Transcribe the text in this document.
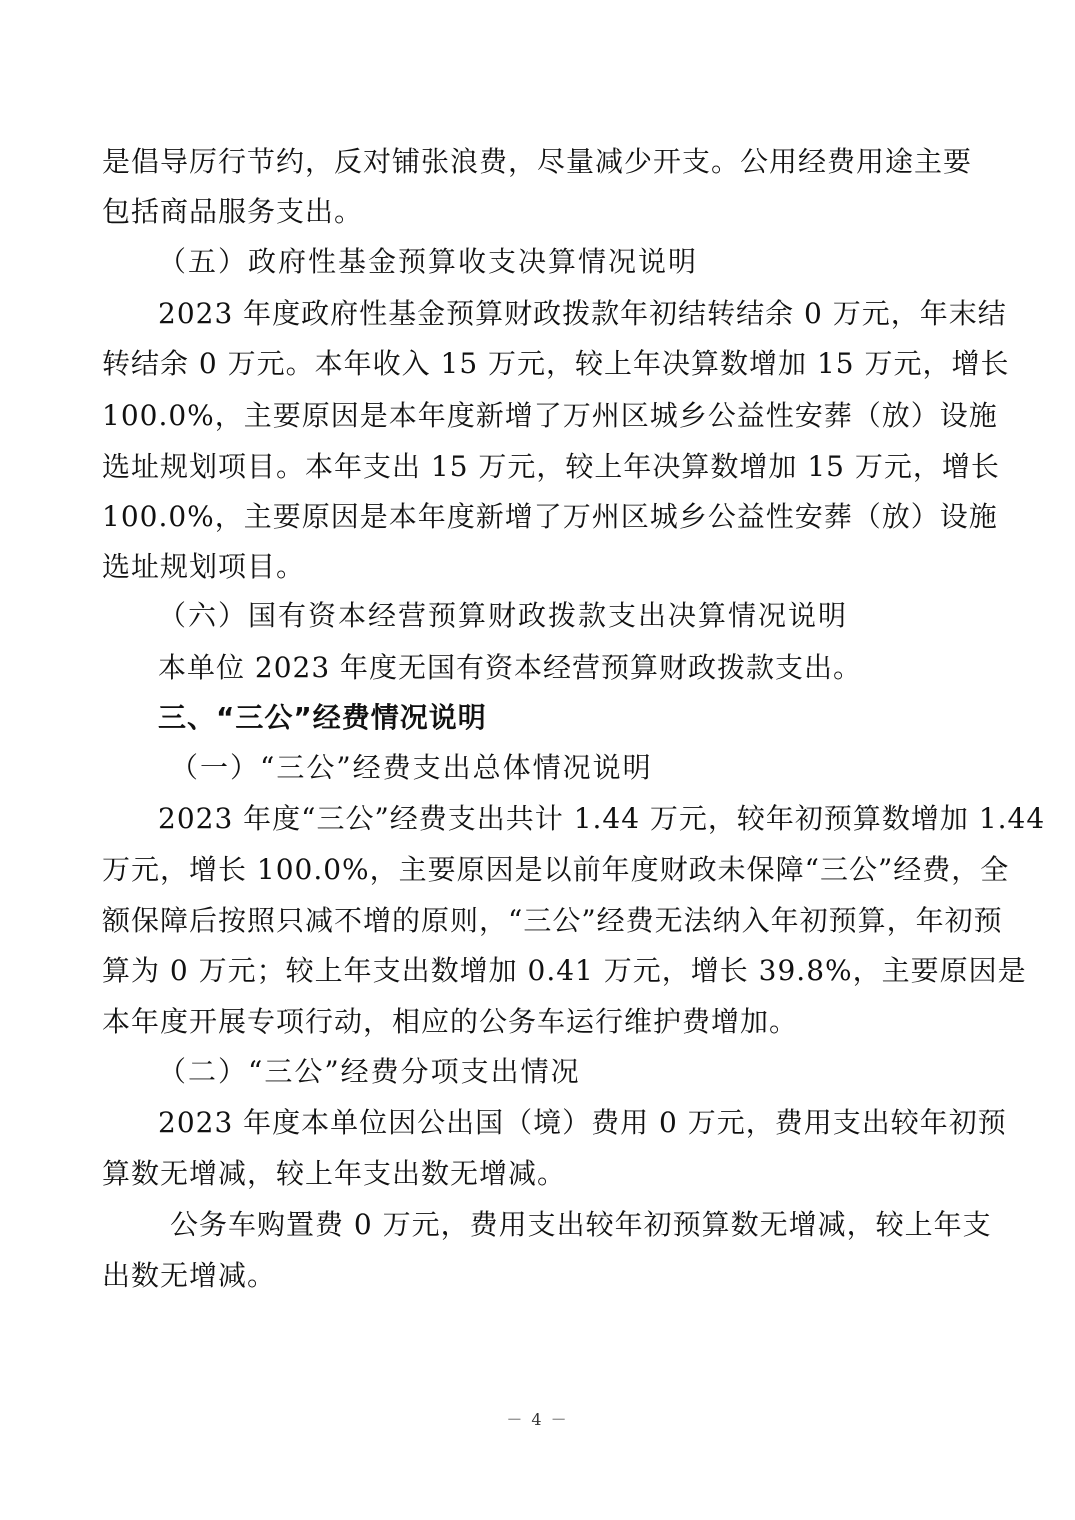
是倡导厉行节约，反对铺张浪费，尽量减少开支。公用经费用途主要
包括商品服务支出。
（五）政府性基金预算收支决算情况说明
2023 年度政府性基金预算财政拨款年初结转结余 0 万元，年末结
转结余 0 万元。本年收入 15 万元，较上年决算数增加 15 万元，增长
100.0%，主要原因是本年度新增了万州区城乡公益性安葬（放）设施
选址规划项目。本年支出 15 万元，较上年决算数增加 15 万元，增长
100.0%，主要原因是本年度新增了万州区城乡公益性安葬（放）设施
选址规划项目。
（六）国有资本经营预算财政拨款支出决算情况说明
本单位 2023 年度无国有资本经营预算财政拨款支出。
三、“三公”经费情况说明
（一）“三公”经费支出总体情况说明
2023 年度“三公”经费支出共计 1.44 万元，较年初预算数增加 1.44
万元，增长 100.0%，主要原因是以前年度财政未保障“三公”经费，全
额保障后按照只减不增的原则，“三公”经费无法纳入年初预算，年初预
算为 0 万元；较上年支出数增加 0.41 万元，增长 39.8%，主要原因是
本年度开展专项行动，相应的公务车运行维护费增加。
（二）“三公”经费分项支出情况
2023 年度本单位因公出国（境）费用 0 万元，费用支出较年初预
算数无增减，较上年支出数无增减。
公务车购置费 0 万元，费用支出较年初预算数无增减，较上年支
出数无增减。
－ 4 －
